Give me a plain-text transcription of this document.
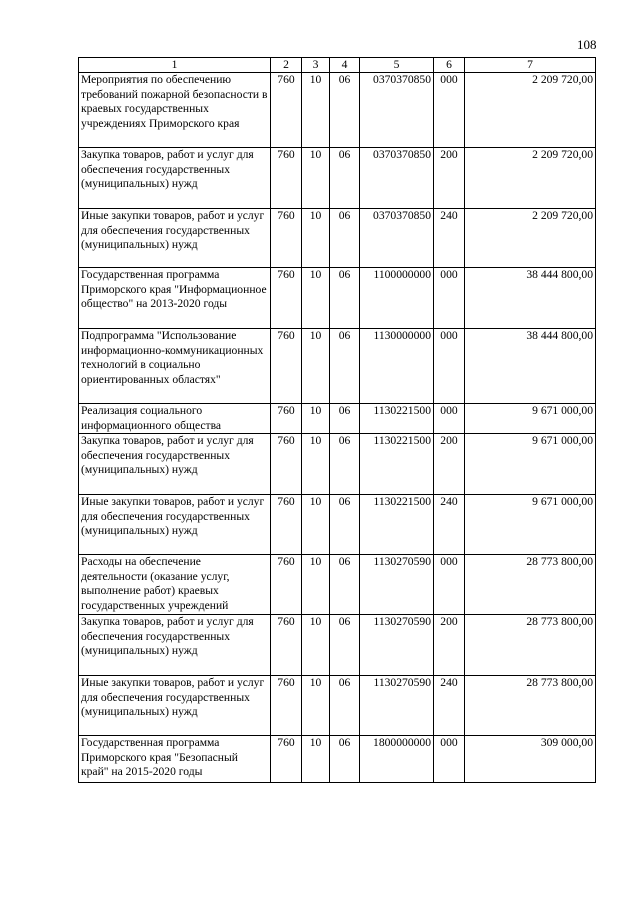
108
1	2	3	4	5	6	7
Мероприятия по обеспечению требований пожарной безопасности в краевых государственных учреждениях Приморского края	760	10	06	0370370850	000	2 209 720,00
Закупка товаров, работ и услуг для обеспечения государственных (муниципальных) нужд	760	10	06	0370370850	200	2 209 720,00
Иные закупки товаров, работ и услуг для обеспечения государственных (муниципальных) нужд	760	10	06	0370370850	240	2 209 720,00
Государственная программа Приморского края "Информационное общество" на 2013-2020 годы	760	10	06	1100000000	000	38 444 800,00
Подпрограмма "Использование информационно-коммуникационных технологий в социально ориентированных областях"	760	10	06	1130000000	000	38 444 800,00
Реализация социального информационного общества	760	10	06	1130221500	000	9 671 000,00
Закупка товаров, работ и услуг для обеспечения государственных (муниципальных) нужд	760	10	06	1130221500	200	9 671 000,00
Иные закупки товаров, работ и услуг для обеспечения государственных (муниципальных) нужд	760	10	06	1130221500	240	9 671 000,00
Расходы на обеспечение деятельности (оказание услуг, выполнение работ) краевых государственных учреждений	760	10	06	1130270590	000	28 773 800,00
Закупка товаров, работ и услуг для обеспечения государственных (муниципальных) нужд	760	10	06	1130270590	200	28 773 800,00
Иные закупки товаров, работ и услуг для обеспечения государственных (муниципальных) нужд	760	10	06	1130270590	240	28 773 800,00
Государственная программа Приморского края "Безопасный край" на 2015-2020 годы	760	10	06	1800000000	000	309 000,00
